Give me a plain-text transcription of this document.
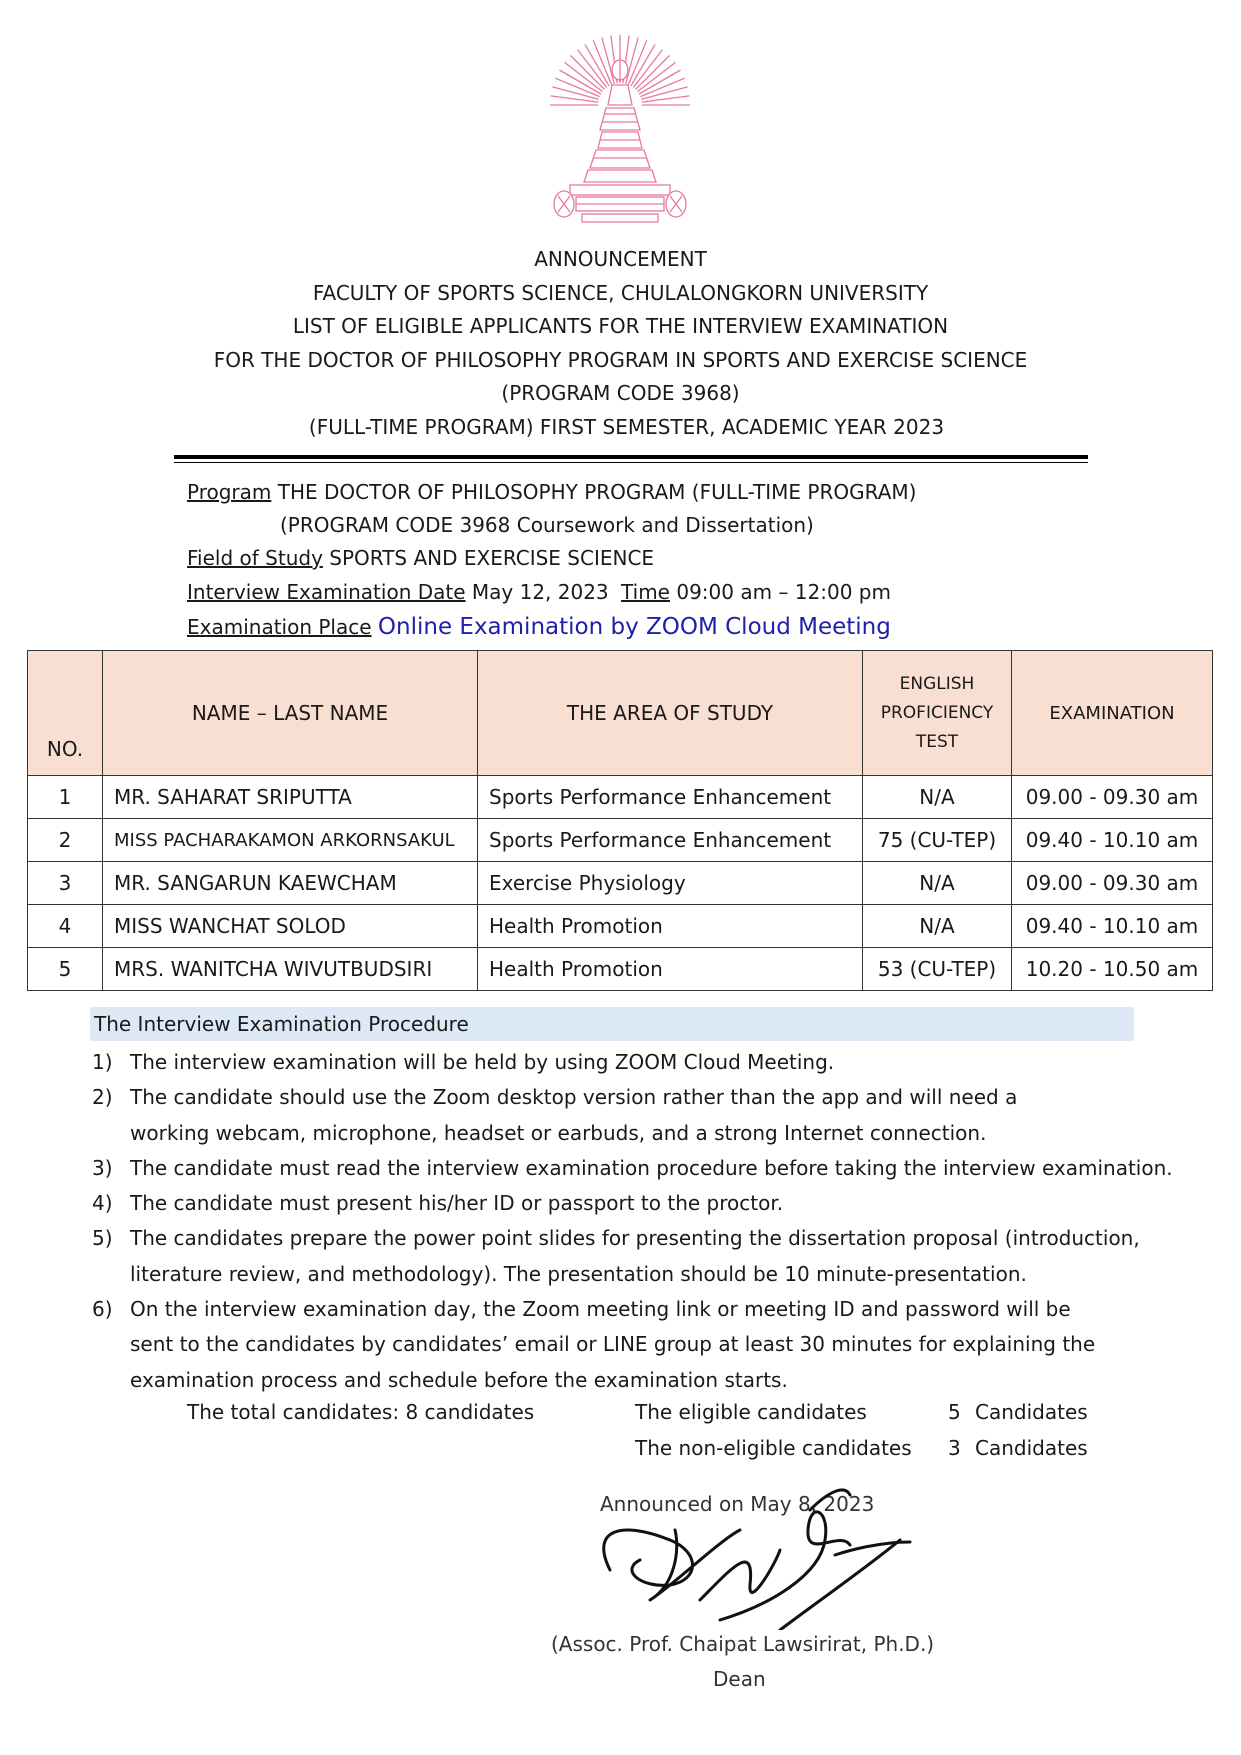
ANNOUNCEMENT
FACULTY OF SPORTS SCIENCE, CHULALONGKORN UNIVERSITY
LIST OF ELIGIBLE APPLICANTS FOR THE INTERVIEW EXAMINATION
FOR THE DOCTOR OF PHILOSOPHY PROGRAM IN SPORTS AND EXERCISE SCIENCE
(PROGRAM CODE 3968)
(FULL-TIME PROGRAM) FIRST SEMESTER, ACADEMIC YEAR 2023
Program THE DOCTOR OF PHILOSOPHY PROGRAM (FULL-TIME PROGRAM)
(PROGRAM CODE 3968 Coursework and Dissertation)
Field of Study SPORTS AND EXERCISE SCIENCE
Interview Examination Date May 12, 2023 Time 09:00 am – 12:00 pm
Examination Place Online Examination by ZOOM Cloud Meeting
NO.	NAME – LAST NAME	THE AREA OF STUDY	ENGLISH
PROFICIENCY
TEST	EXAMINATION
1	MR. SAHARAT SRIPUTTA	Sports Performance Enhancement	N/A	09.00 - 09.30 am
2	MISS PACHARAKAMON ARKORNSAKUL	Sports Performance Enhancement	75 (CU-TEP)	09.40 - 10.10 am
3	MR. SANGARUN KAEWCHAM	Exercise Physiology	N/A	09.00 - 09.30 am
4	MISS WANCHAT SOLOD	Health Promotion	N/A	09.40 - 10.10 am
5	MRS. WANITCHA WIVUTBUDSIRI	Health Promotion	53 (CU-TEP)	10.20 - 10.50 am
The Interview Examination Procedure
1) The interview examination will be held by using ZOOM Cloud Meeting.
2) The candidate should use the Zoom desktop version rather than the app and will need a working webcam, microphone, headset or earbuds, and a strong Internet connection.
3) The candidate must read the interview examination procedure before taking the interview examination.
4) The candidate must present his/her ID or passport to the proctor.
5) The candidates prepare the power point slides for presenting the dissertation proposal (introduction, literature review, and methodology). The presentation should be 10 minute-presentation.
6) On the interview examination day, the Zoom meeting link or meeting ID and password will be sent to the candidates by candidates’ email or LINE group at least 30 minutes for explaining the examination process and schedule before the examination starts.
The total candidates: 8 candidates	The eligible candidates	5 Candidates
The non-eligible candidates 3 Candidates
Announced on May 8, 2023
(Assoc. Prof. Chaipat Lawsirirat, Ph.D.)
Dean
